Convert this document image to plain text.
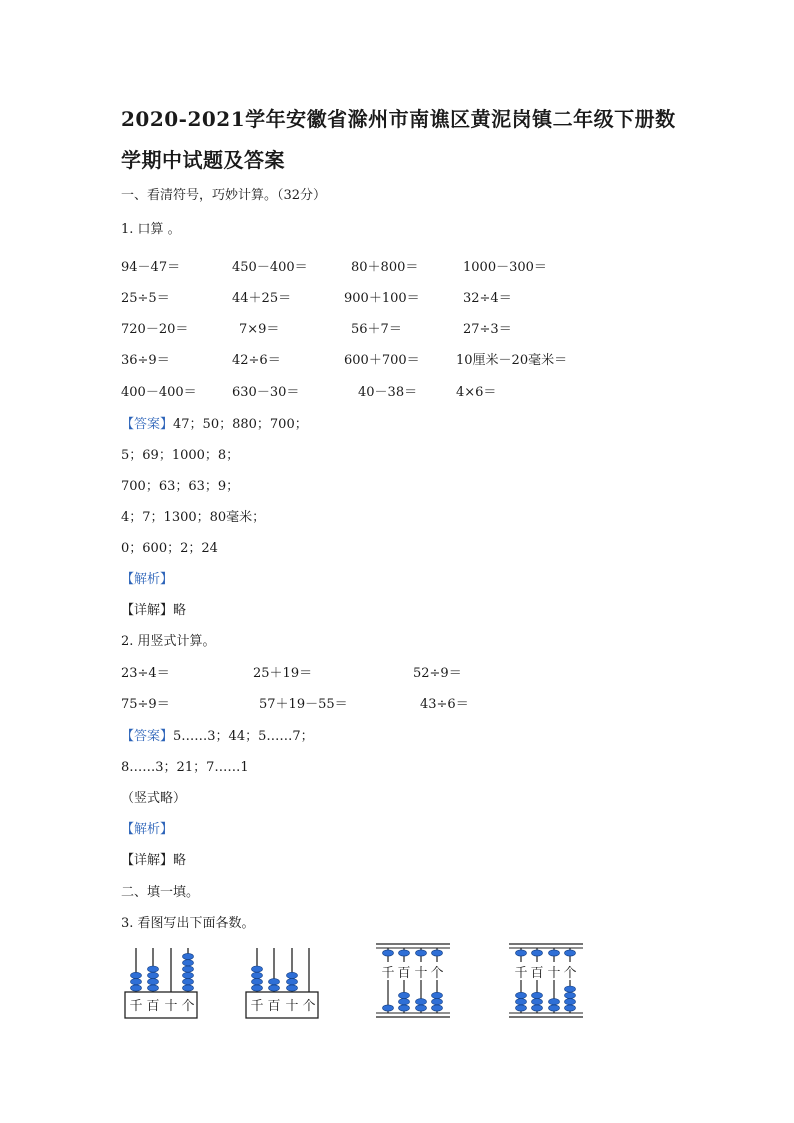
2020-2021学年安徽省滁州市南谯区黄泥岗镇二年级下册数
学期中试题及答案
一、看清符号，巧妙计算。（32分）
1. 口算 。
94－47＝	450－400＝	80＋800＝	1000－300＝
25÷5＝	44＋25＝	900＋100＝	32÷4＝
720－20＝	7×9＝	56＋7＝	27÷3＝
36÷9＝	42÷6＝	600＋700＝	10厘米－20毫米＝
400－400＝	630－30＝	40－38＝	4×6＝
【答案】47；50；880；700；
5；69；1000；8；
700；63；63；9；
4；7；1300；80毫米；
0；600；2；24
【解析】
【详解】略
2. 用竖式计算。
23÷4＝	25＋19＝	52÷9＝
75÷9＝	57＋19－55＝	43÷6＝
【答案】5……3；44；5……7；
8……3；21；7……1
（竖式略）
【解析】
【详解】略
二、填一填。
3. 看图写出下面各数。
千 百 十 个	千 百 十 个
千 百 十 个	千 百 十 个
